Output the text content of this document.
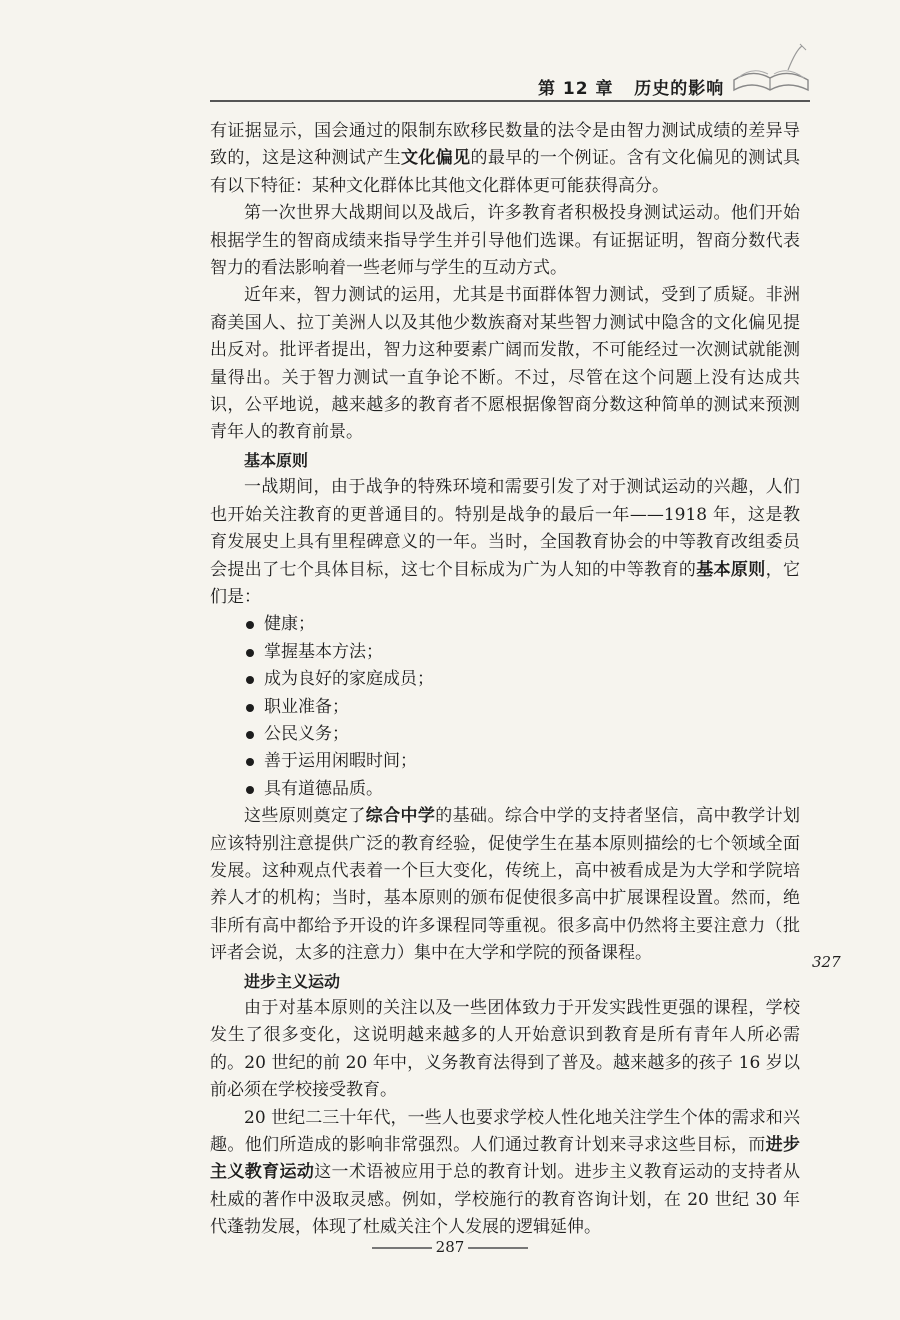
第 12 章 历史的影响

有证据显示，国会通过的限制东欧移民数量的法令是由智力测试成绩的差异导致的，这是这种测试产生文化偏见的最早的一个例证。含有文化偏见的测试具有以下特征：某种文化群体比其他文化群体更可能获得高分。

第一次世界大战期间以及战后，许多教育者积极投身测试运动。他们开始根据学生的智商成绩来指导学生并引导他们选课。有证据证明，智商分数代表智力的看法影响着一些老师与学生的互动方式。

近年来，智力测试的运用，尤其是书面群体智力测试，受到了质疑。非洲裔美国人、拉丁美洲人以及其他少数族裔对某些智力测试中隐含的文化偏见提出反对。批评者提出，智力这种要素广阔而发散，不可能经过一次测试就能测量得出。关于智力测试一直争论不断。不过，尽管在这个问题上没有达成共识，公平地说，越来越多的教育者不愿根据像智商分数这种简单的测试来预测青年人的教育前景。

基本原则

一战期间，由于战争的特殊环境和需要引发了对于测试运动的兴趣，人们也开始关注教育的更普通目的。特别是战争的最后一年——1918 年，这是教育发展史上具有里程碑意义的一年。当时，全国教育协会的中等教育改组委员会提出了七个具体目标，这七个目标成为广为人知的中等教育的基本原则，它们是：

健康；
掌握基本方法；
成为良好的家庭成员；
职业准备；
公民义务；
善于运用闲暇时间；
具有道德品质。

这些原则奠定了综合中学的基础。综合中学的支持者坚信，高中教学计划应该特别注意提供广泛的教育经验，促使学生在基本原则描绘的七个领域全面发展。这种观点代表着一个巨大变化，传统上，高中被看成是为大学和学院培养人才的机构；当时，基本原则的颁布促使很多高中扩展课程设置。然而，绝非所有高中都给予开设的许多课程同等重视。很多高中仍然将主要注意力（批评者会说，太多的注意力）集中在大学和学院的预备课程。

进步主义运动

由于对基本原则的关注以及一些团体致力于开发实践性更强的课程，学校发生了很多变化，这说明越来越多的人开始意识到教育是所有青年人所必需的。20 世纪的前 20 年中，义务教育法得到了普及。越来越多的孩子 16 岁以前必须在学校接受教育。

20 世纪二三十年代，一些人也要求学校人性化地关注学生个体的需求和兴趣。他们所造成的影响非常强烈。人们通过教育计划来寻求这些目标，而进步主义教育运动这一术语被应用于总的教育计划。进步主义教育运动的支持者从杜威的著作中汲取灵感。例如，学校施行的教育咨询计划，在 20 世纪 30 年代蓬勃发展，体现了杜威关注个人发展的逻辑延伸。

327
287
